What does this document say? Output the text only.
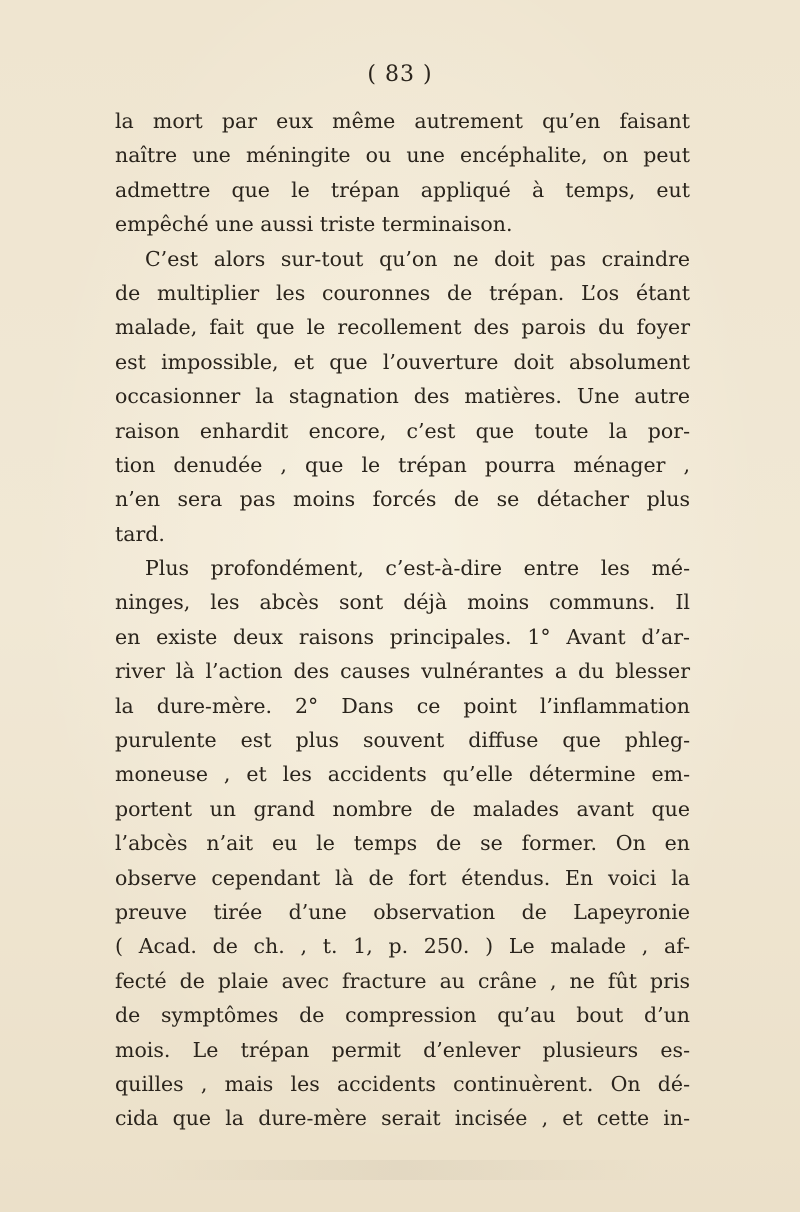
( 83 )
la mort par eux même autrement qu’en faisant
naître une méningite ou une encéphalite, on peut
admettre que le trépan appliqué à temps, eut
empêché une aussi triste terminaison.
C’est alors sur-tout qu’on ne doit pas craindre
de multiplier les couronnes de trépan. L’os étant
malade, fait que le recollement des parois du foyer
est impossible, et que l’ouverture doit absolument
occasionner la stagnation des matières. Une autre
raison enhardit encore, c’est que toute la por-
tion denudée , que le trépan pourra ménager ,
n’en sera pas moins forcés de se détacher plus
tard.
Plus profondément, c’est-à-dire entre les mé-
ninges, les abcès sont déjà moins communs. Il
en existe deux raisons principales. 1° Avant d’ar-
river là l’action des causes vulnérantes a du blesser
la dure-mère. 2° Dans ce point l’inflammation
purulente est plus souvent diffuse que phleg-
moneuse , et les accidents qu’elle détermine em-
portent un grand nombre de malades avant que
l’abcès n’ait eu le temps de se former. On en
observe cependant là de fort étendus. En voici la
preuve tirée d’une observation de Lapeyronie
( Acad. de ch. , t. 1, p. 250. ) Le malade , af-
fecté de plaie avec fracture au crâne , ne fût pris
de symptômes de compression qu’au bout d’un
mois. Le trépan permit d’enlever plusieurs es-
quilles , mais les accidents continuèrent. On dé-
cida que la dure-mère serait incisée , et cette in-
